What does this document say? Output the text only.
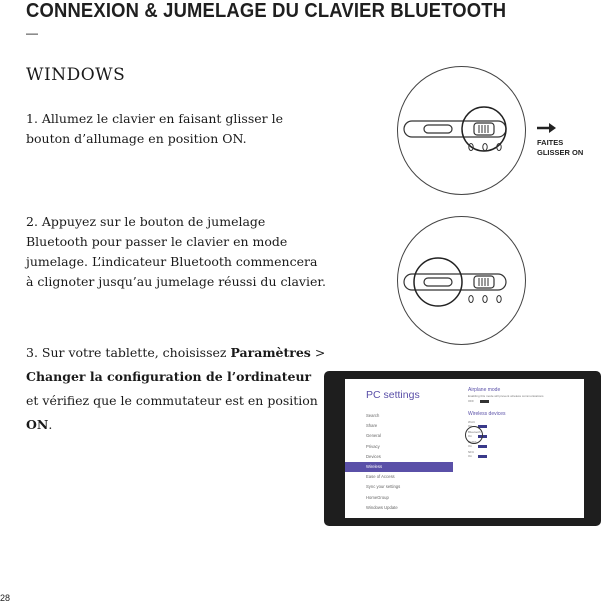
CONNEXION & JUMELAGE DU CLAVIER BLUETOOTH
—
WINDOWS
1. Allumez le clavier en faisant glisser le bouton d’allumage en position ON.
2. Appuyez sur le bouton de jumelage Bluetooth pour passer le clavier en mode jumelage. L’indicateur Bluetooth commencera à clignoter jusqu’au jumelage réussi du clavier.
3. Sur votre tablette, choisissez Paramètres > Changer la configuration de l’ordinateur et vérifiez que le commutateur est en position ON.
FAITES
GLISSER ON
PC settings
Search
Share
General
Privacy
Devices
Wireless
Ease of Access
Sync your settings
HomeGroup
Windows Update
Airplane mode
Enabling this mode will prevent wireless communications
OFF
Wireless devices
Wi-Fi
On
Bluetooth
On
GNSS
On
NFC
On
28
